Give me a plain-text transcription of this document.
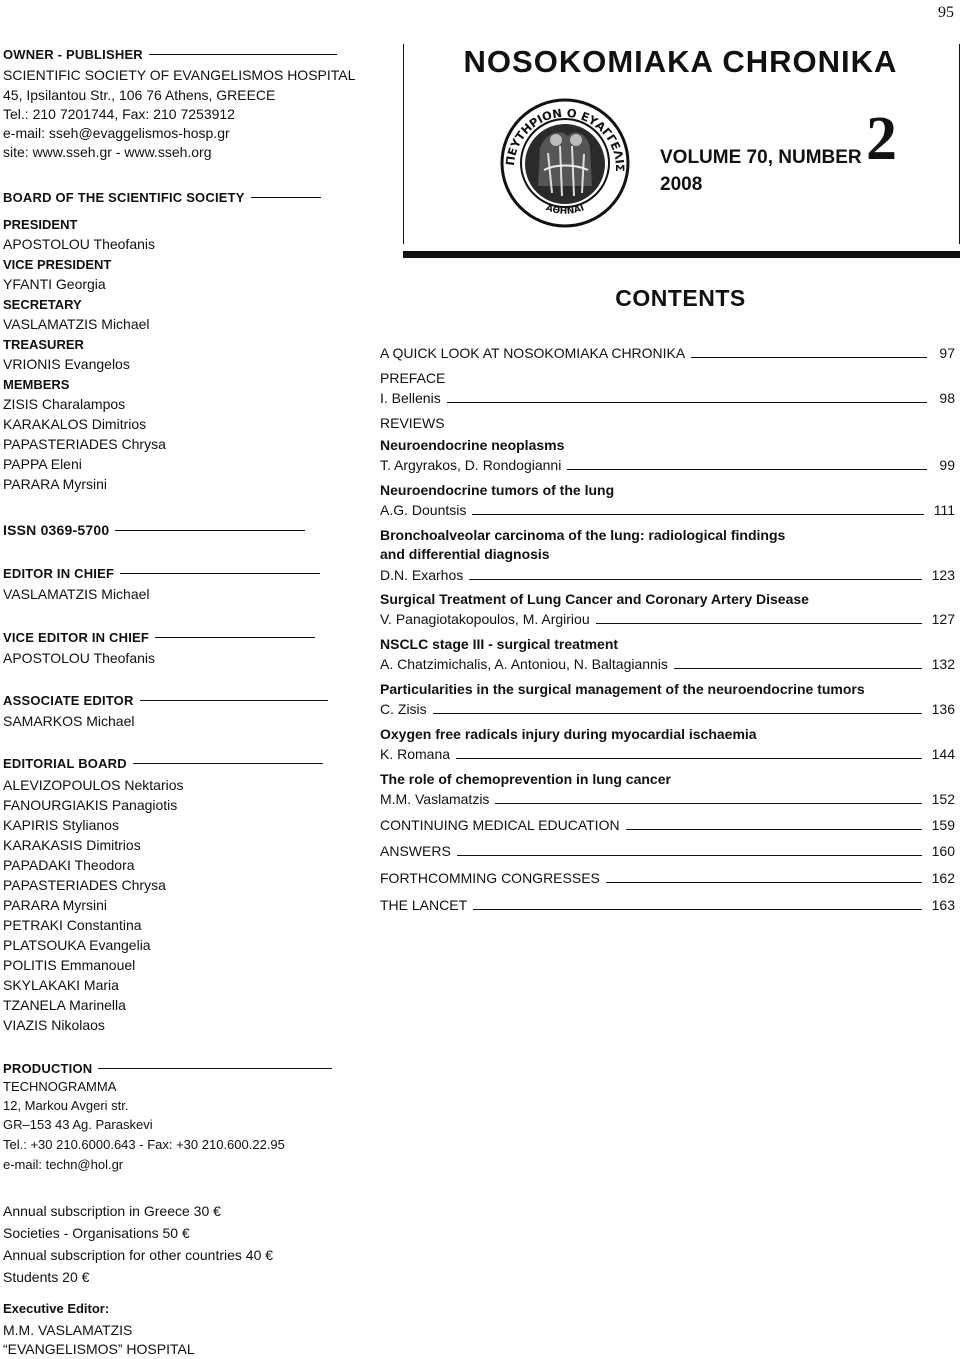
95
OWNER - PUBLISHER
SCIENTIFIC SOCIETY OF EVANGELISMOS HOSPITAL
45, Ipsilantou Str., 106 76 Athens, GREECE
Tel.: 210 7201744, Fax: 210 7253912
e-mail: sseh@evaggelismos-hosp.gr
site: www.sseh.gr - www.sseh.org
BOARD OF THE SCIENTIFIC SOCIETY
PRESIDENT
APOSTOLOU Theofanis
VICE PRESIDENT
YFANTI Georgia
SECRETARY
VASLAMATZIS Michael
TREASURER
VRIONIS Evangelos
MEMBERS
ZISIS Charalampos
KARAKALOS Dimitrios
PAPASTERIADES Chrysa
PAPPA Eleni
PARARA Myrsini
ISSN 0369-5700
EDITOR IN CHIEF
VASLAMATZIS Michael
VICE EDITOR IN CHIEF
APOSTOLOU Theofanis
ASSOCIATE EDITOR
SAMARKOS Michael
EDITORIAL BOARD
ALEVIZOPOULOS Nektarios
FANOURGIAKIS Panagiotis
KAPIRIS Stylianos
KARAKASIS Dimitrios
PAPADAKI Theodora
PAPASTERIADES Chrysa
PARARA Myrsini
PETRAKI Constantina
PLATSOUKA Evangelia
POLITIS Emmanouel
SKYLAKAKI Maria
TZANELA Marinella
VIAZIS Nikolaos
PRODUCTION
TECHNOGRAMMA
12, Markou Avgeri str.
GR–153 43 Ag. Paraskevi
Tel.: +30 210.6000.643 - Fax: +30 210.600.22.95
e-mail: techn@hol.gr
Annual subscription in Greece 30 €
Societies - Organisations 50 €
Annual subscription for other countries 40 €
Students 20 €
Executive Editor:
M.M. VASLAMATZIS
“EVANGELISMOS” HOSPITAL
NOSOKOMIAKA CHRONIKA
ΠΕΥΤΗΡΙΟΝ Ο ΕΥΑΓΓΕΛΙΣ
ΑΘΗΝΑΙ
VOLUME 70, NUMBER 2
2008
CONTENTS
A QUICK LOOK AT NOSOKOMIAKA CHRONIKA	97
PREFACE
I. Bellenis	98
REVIEWS
Neuroendocrine neoplasms
T. Argyrakos, D. Rondogianni	99
Neuroendocrine tumors of the lung
A.G. Dountsis	111
Bronchoalveolar carcinoma of the lung: radiological findings
and differential diagnosis
D.N. Exarhos	123
Surgical Treatment of Lung Cancer and Coronary Artery Disease
V. Panagiotakopoulos, M. Argiriou	127
NSCLC stage III - surgical treatment
A. Chatzimichalis, A. Antoniou, N. Baltagiannis	132
Particularities in the surgical management of the neuroendocrine tumors
C. Zisis	136
Oxygen free radicals injury during myocardial ischaemia
K. Romana	144
The role of chemoprevention in lung cancer
M.M. Vaslamatzis	152
CONTINUING MEDICAL EDUCATION	159
ANSWERS	160
FORTHCOMMING CONGRESSES	162
THE LANCET	163
